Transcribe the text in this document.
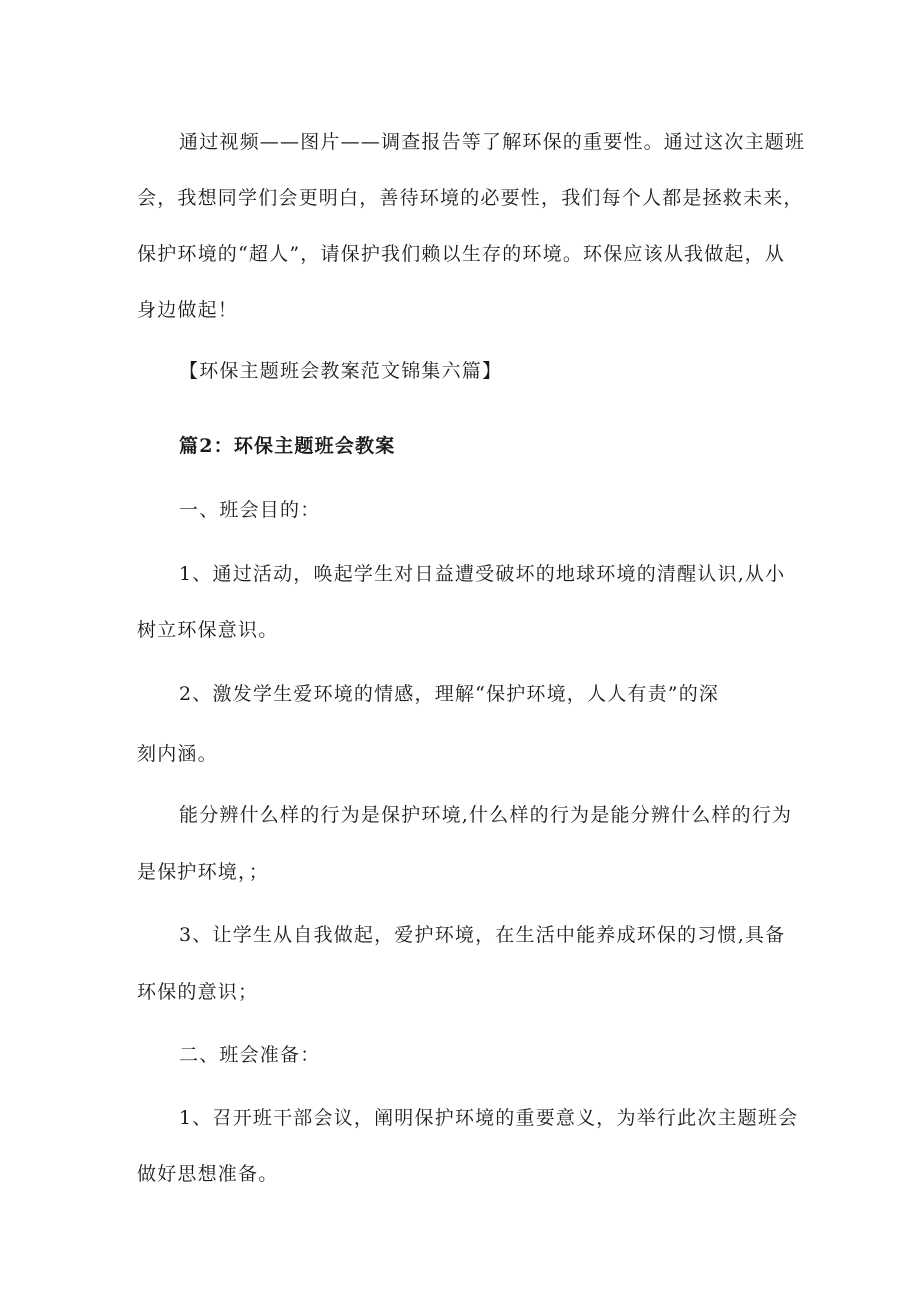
通过视频——图片——调查报告等了解环保的重要性。通过这次主题班
会，我想同学们会更明白，善待环境的必要性，我们每个人都是拯救未来，
保护环境的“超人”，请保护我们赖以生存的环境。环保应该从我做起，从
身边做起！
【环保主题班会教案范文锦集六篇】
篇2：环保主题班会教案
一、班会目的：
1、通过活动，唤起学生对日益遭受破坏的地球环境的清醒认识,从小
树立环保意识。
2、激发学生爱环境的情感，理解“保护环境，人人有责”的深
刻内涵。
能分辨什么样的行为是保护环境,什么样的行为是能分辨什么样的行为
是保护环境，；
3、让学生从自我做起，爱护环境，在生活中能养成环保的习惯,具备
环保的意识；
二、班会准备：
1、召开班干部会议，阐明保护环境的重要意义，为举行此次主题班会
做好思想准备。
